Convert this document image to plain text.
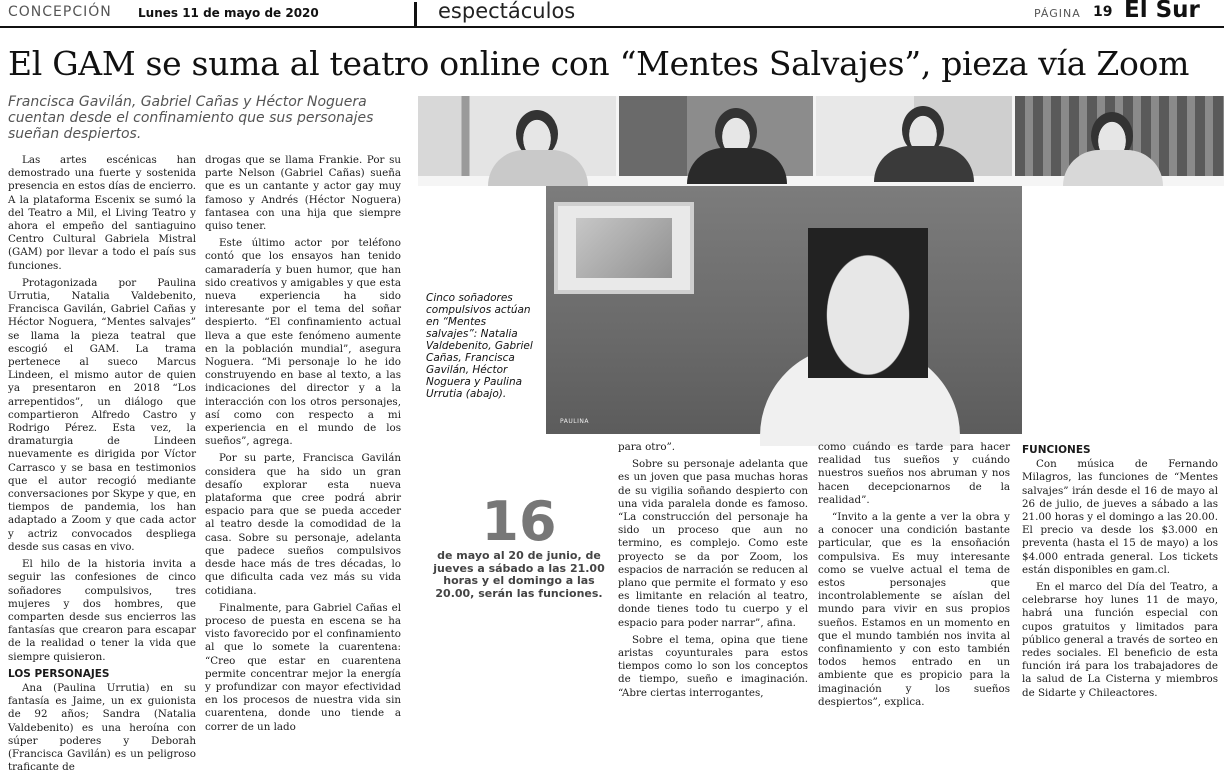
CONCEPCIÓN Lunes 11 de mayo de 2020	espectáculos	PÁGINA 19 El Sur
El GAM se suma al teatro online con “Mentes Salvajes”, pieza vía Zoom
Francisca Gavilán, Gabriel Cañas y Héctor Noguera cuentan desde el confinamiento que sus personajes sueñan despiertos.

Las artes escénicas han demostrado una fuerte y sostenida presencia en estos días de encierro. A la plataforma Escenix se sumó la del Teatro a Mil, el Living Teatro y ahora el empeño del santiaguino Centro Cultural Gabriela Mistral (GAM) por llevar a todo el país sus funciones.

Protagonizada por Paulina Urrutia, Natalia Valdebenito, Francisca Gavilán, Gabriel Cañas y Héctor Noguera, “Mentes salvajes” se llama la pieza teatral que escogió el GAM. La trama pertenece al sueco Marcus Lindeen, el mismo autor de quien ya presentaron en 2018 “Los arrepentidos”, un diálogo que compartieron Alfredo Castro y Rodrigo Pérez. Esta vez, la dramaturgia de Lindeen nuevamente es dirigida por Víctor Carrasco y se basa en testimonios que el autor recogió mediante conversaciones por Skype y que, en tiempos de pandemia, los han adaptado a Zoom y que cada actor y actriz convocados despliega desde sus casas en vivo.

El hilo de la historia invita a seguir las confesiones de cinco soñadores compulsivos, tres mujeres y dos hombres, que comparten desde sus encierros las fantasías que crearon para escapar de la realidad o tener la vida que siempre quisieron.

LOS PERSONAJES

Ana (Paulina Urrutia) en su fantasía es Jaime, un ex guionista de 92 años; Sandra (Natalia Valdebenito) es una heroína con súper poderes y Deborah (Francisca Gavilán) es un peligroso traficante de

drogas que se llama Frankie. Por su parte Nelson (Gabriel Cañas) sueña que es un cantante y actor gay muy famoso y Andrés (Héctor Noguera) fantasea con una hija que siempre quiso tener.

Este último actor por teléfono contó que los ensayos han tenido camaradería y buen humor, que han sido creativos y amigables y que esta nueva experiencia ha sido interesante por el tema del soñar despierto. “El confinamiento actual lleva a que este fenómeno aumente en la población mundial”, asegura Noguera. “Mi personaje lo he ido construyendo en base al texto, a las indicaciones del director y a la interacción con los otros personajes, así como con respecto a mi experiencia en el mundo de los sueños”, agrega.

Por su parte, Francisca Gavilán considera que ha sido un gran desafío explorar esta nueva plataforma que cree podrá abrir espacio para que se pueda acceder al teatro desde la comodidad de la casa. Sobre su personaje, adelanta que padece sueños compulsivos desde hace más de tres décadas, lo que dificulta cada vez más su vida cotidiana.

Finalmente, para Gabriel Cañas el proceso de puesta en escena se ha visto favorecido por el confinamiento al que lo somete la cuarentena: “Creo que estar en cuarentena permite concentrar mejor la energía y profundizar con mayor efectividad en los procesos de nuestra vida sin cuarentena, donde uno tiende a correr de un lado

PAULINA
Cinco soñadores compulsivos actúan en “Mentes salvajes”: Natalia Valdebenito, Gabriel Cañas, Francisca Gavilán, Héctor Noguera y Paulina Urrutia (abajo).
16
de mayo al 20 de junio, de jueves a sábado a las 21.00 horas y el domingo a las 20.00, serán las funciones.

para otro”.

Sobre su personaje adelanta que es un joven que pasa muchas horas de su vigilia soñando despierto con una vida paralela donde es famoso. “La construcción del personaje ha sido un proceso que aun no termino, es complejo. Como este proyecto se da por Zoom, los espacios de narración se reducen al plano que permite el formato y eso es limitante en relación al teatro, donde tienes todo tu cuerpo y el espacio para poder narrar”, afina.

Sobre el tema, opina que tiene aristas coyunturales para estos tiempos como lo son los conceptos de tiempo, sueño e imaginación. “Abre ciertas interrogantes,

como cuándo es tarde para hacer realidad tus sueños y cuándo nuestros sueños nos abruman y nos hacen decepcionarnos de la realidad”.

“Invito a la gente a ver la obra y a conocer una condición bastante particular, que es la ensoñación compulsiva. Es muy interesante como se vuelve actual el tema de estos personajes que incontrolablemente se aíslan del mundo para vivir en sus propios sueños. Estamos en un momento en que el mundo también nos invita al confinamiento y con esto también todos hemos entrado en un ambiente que es propicio para la imaginación y los sueños despiertos”, explica.

FUNCIONES

Con música de Fernando Milagros, las funciones de “Mentes salvajes” irán desde el 16 de mayo al 26 de julio, de jueves a sábado a las 21.00 horas y el domingo a las 20.00. El precio va desde los $3.000 en preventa (hasta el 15 de mayo) a los $4.000 entrada general. Los tickets están disponibles en gam.cl.

En el marco del Día del Teatro, a celebrarse hoy lunes 11 de mayo, habrá una función especial con cupos gratuitos y limitados para público general a través de sorteo en redes sociales. El beneficio de esta función irá para los trabajadores de la salud de La Cisterna y miembros de Sidarte y Chileactores.
